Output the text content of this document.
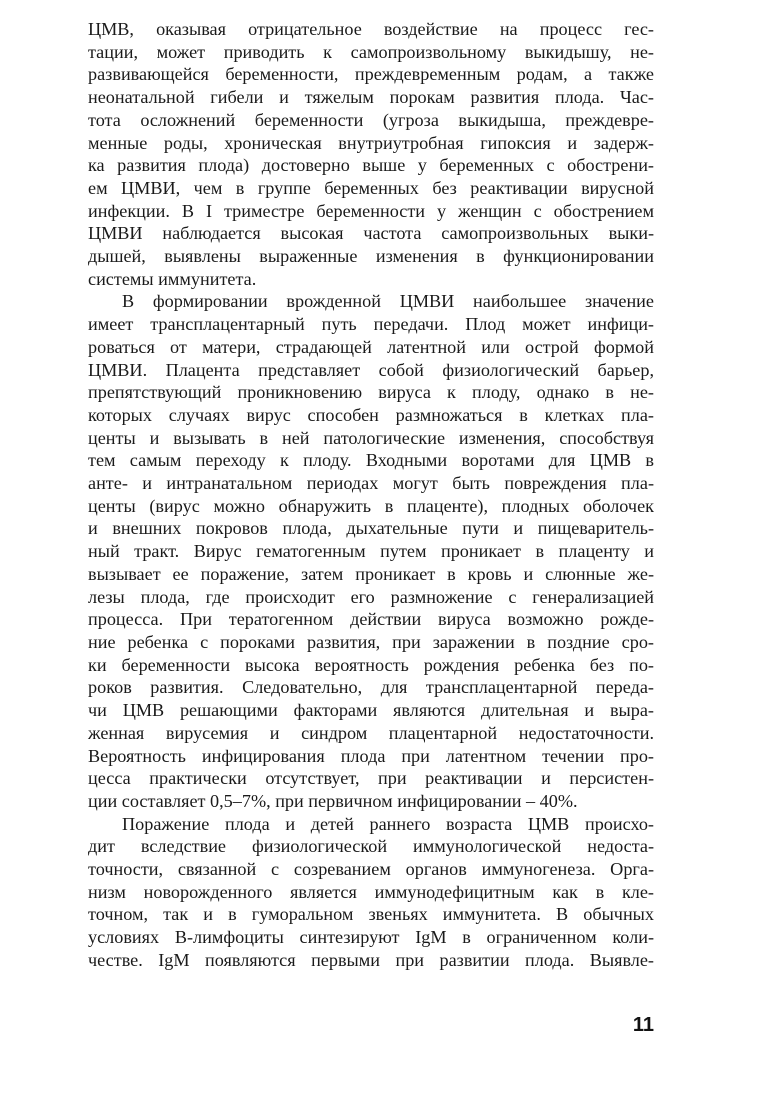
ЦМВ, оказывая отрицательное воздействие на процесс гес-
тации, может приводить к самопроизвольному выкидышу, не-
развивающейся беременности, преждевременным родам, а также
неонатальной гибели и тяжелым порокам развития плода. Час-
тота осложнений беременности (угроза выкидыша, преждевре-
менные роды, хроническая внутриутробная гипоксия и задерж-
ка развития плода) достоверно выше у беременных с обострени-
ем ЦМВИ, чем в группе беременных без реактивации вирусной
инфекции. В I триместре беременности у женщин с обострением
ЦМВИ наблюдается высокая частота самопроизвольных выки-
дышей, выявлены выраженные изменения в функционировании
системы иммунитета.
В формировании врожденной ЦМВИ наибольшее значение
имеет трансплацентарный путь передачи. Плод может инфици-
роваться от матери, страдающей латентной или острой формой
ЦМВИ. Плацента представляет собой физиологический барьер,
препятствующий проникновению вируса к плоду, однако в не-
которых случаях вирус способен размножаться в клетках пла-
центы и вызывать в ней патологические изменения, способствуя
тем самым переходу к плоду. Входными воротами для ЦМВ в
анте- и интранатальном периодах могут быть повреждения пла-
центы (вирус можно обнаружить в плаценте), плодных оболочек
и внешних покровов плода, дыхательные пути и пищеваритель-
ный тракт. Вирус гематогенным путем проникает в плаценту и
вызывает ее поражение, затем проникает в кровь и слюнные же-
лезы плода, где происходит его размножение с генерализацией
процесса. При тератогенном действии вируса возможно рожде-
ние ребенка с пороками развития, при заражении в поздние сро-
ки беременности высока вероятность рождения ребенка без по-
роков развития. Следовательно, для трансплацентарной переда-
чи ЦМВ решающими факторами являются длительная и выра-
женная вирусемия и синдром плацентарной недостаточности.
Вероятность инфицирования плода при латентном течении про-
цесса практически отсутствует, при реактивации и персистен-
ции составляет 0,5–7%, при первичном инфицировании – 40%.
Поражение плода и детей раннего возраста ЦМВ происхо-
дит вследствие физиологической иммунологической недоста-
точности, связанной с созреванием органов иммуногенеза. Орга-
низм новорожденного является иммунодефицитным как в кле-
точном, так и в гуморальном звеньях иммунитета. В обычных
условиях В-лимфоциты синтезируют IgM в ограниченном коли-
честве. IgM появляются первыми при развитии плода. Выявле-
11
